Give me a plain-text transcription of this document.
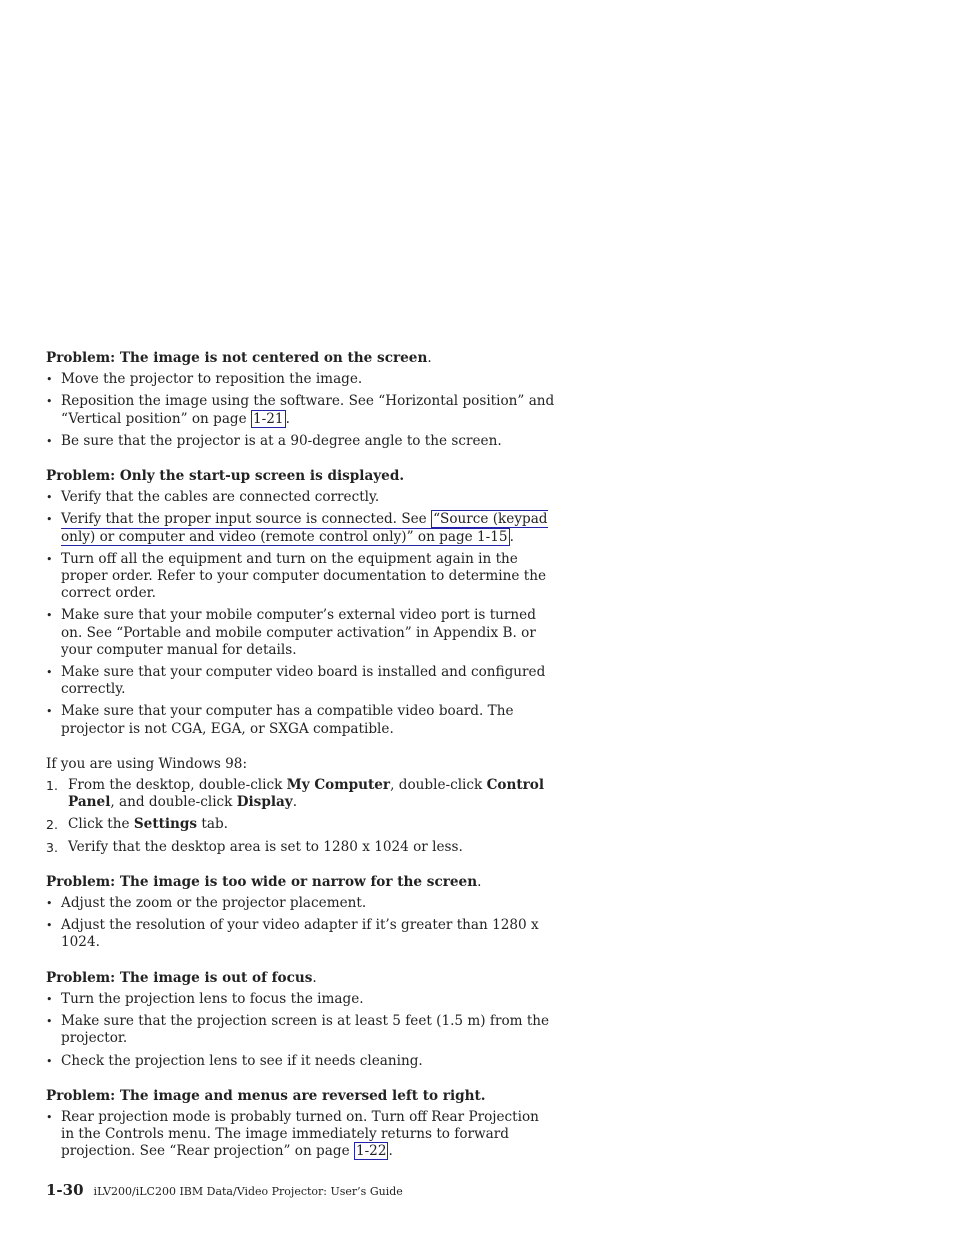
Problem: The image is not centered on the screen.

• Move the projector to reposition the image.
• Reposition the image using the software. See “Horizontal position” and “Vertical position” on page 1-21 .
• Be sure that the projector is at a 90-degree angle to the screen.

Problem: Only the start-up screen is displayed.

• Verify that the cables are connected correctly.
• Verify that the proper input source is connected. See “Source (keypad only) or computer and video (remote control only)” on page 1-15 .
• Turn off all the equipment and turn on the equipment again in the proper order. Refer to your computer documentation to determine the correct order.
• Make sure that your mobile computer’s external video port is turned on. See “Portable and mobile computer activation” in Appendix B. or your computer manual for details.
• Make sure that your computer video board is installed and configured correctly.
• Make sure that your computer has a compatible video board. The projector is not CGA, EGA, or SXGA compatible.

If you are using Windows 98:

1. From the desktop, double-click My Computer, double-click Control Panel, and double-click Display.
2. Click the Settings tab.
3. Verify that the desktop area is set to 1280 x 1024 or less.

Problem: The image is too wide or narrow for the screen.

• Adjust the zoom or the projector placement.
• Adjust the resolution of your video adapter if it’s greater than 1280 x 1024.

Problem: The image is out of focus.

• Turn the projection lens to focus the image.
• Make sure that the projection screen is at least 5 feet (1.5 m) from the projector.
• Check the projection lens to see if it needs cleaning.

Problem: The image and menus are reversed left to right.

• Rear projection mode is probably turned on. Turn off Rear Projection in the Controls menu. The image immediately returns to forward projection. See “Rear projection” on page 1-22 .
1-30 iLV200/iLC200 IBM Data/Video Projector: User’s Guide
